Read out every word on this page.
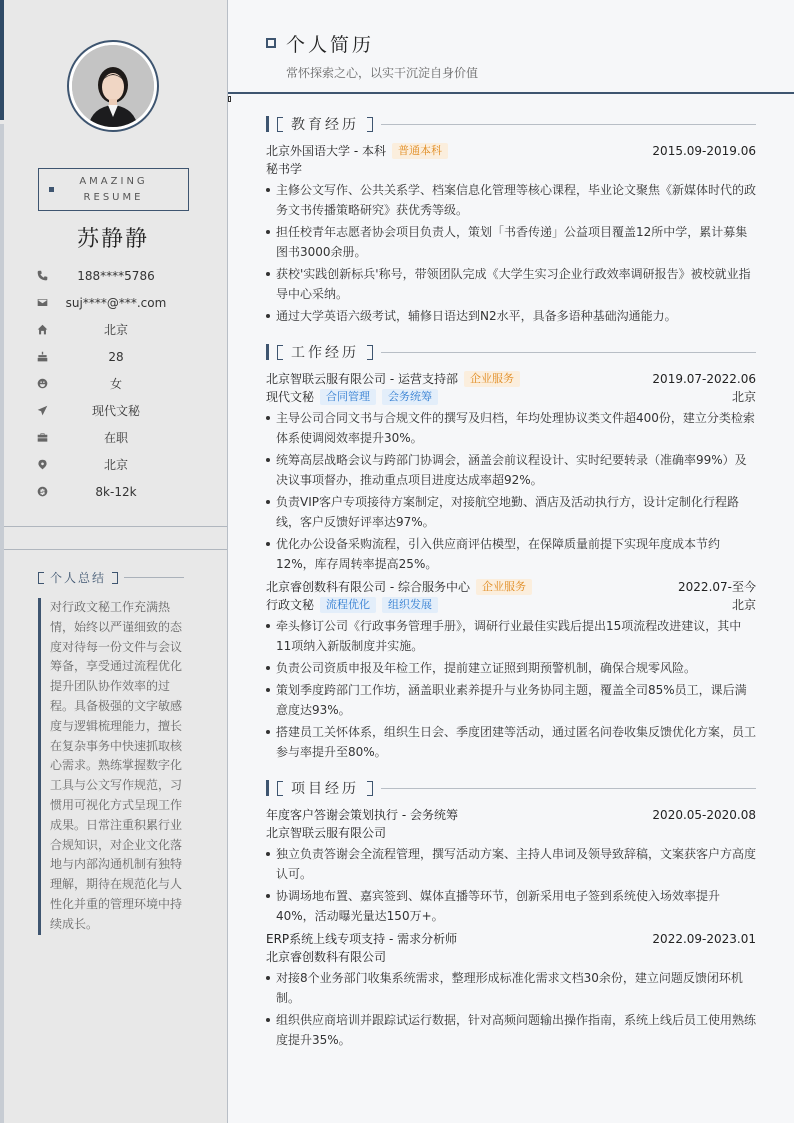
AMAZING
RESUME
苏静静
188****5786
suj****@***.com
北京
28
女
现代文秘
在职
北京
8k-12k
个人总结
对行政文秘工作充满热情，始终以严谨细致的态度对待每一份文件与会议筹备，享受通过流程优化提升团队协作效率的过程。具备极强的文字敏感度与逻辑梳理能力，擅长在复杂事务中快速抓取核心需求。熟练掌握数字化工具与公文写作规范，习惯用可视化方式呈现工作成果。日常注重积累行业合规知识，对企业文化落地与内部沟通机制有独特理解，期待在规范化与人性化并重的管理环境中持续成长。
个人简历
常怀探索之心，以实干沉淀自身价值
教育经历
北京外国语大学 - 本科	普通本科	2015.09-2019.06
秘书学
主修公文写作、公共关系学、档案信息化管理等核心课程，毕业论文聚焦《新媒体时代的政务文书传播策略研究》获优秀等级。
担任校青年志愿者协会项目负责人，策划「书香传递」公益项目覆盖12所中学，累计募集图书3000余册。
获校'实践创新标兵'称号，带领团队完成《大学生实习企业行政效率调研报告》被校就业指导中心采纳。
通过大学英语六级考试，辅修日语达到N2水平，具备多语种基础沟通能力。
工作经历
北京智联云服有限公司 - 运营支持部	企业服务	2019.07-2022.06
现代文秘	合同管理	会务统筹	北京
主导公司合同文书与合规文件的撰写及归档，年均处理协议类文件超400份，建立分类检索体系使调阅效率提升30%。
统筹高层战略会议与跨部门协调会，涵盖会前议程设计、实时纪要转录（准确率99%）及决议事项督办，推动重点项目进度达成率超92%。
负责VIP客户专项接待方案制定，对接航空地勤、酒店及活动执行方，设计定制化行程路线，客户反馈好评率达97%。
优化办公设备采购流程，引入供应商评估模型，在保障质量前提下实现年度成本节约12%，库存周转率提高25%。
北京睿创数科有限公司 - 综合服务中心	企业服务	2022.07-至今
行政文秘	流程优化	组织发展	北京
牵头修订公司《行政事务管理手册》，调研行业最佳实践后提出15项流程改进建议，其中11项纳入新版制度并实施。
负责公司资质申报及年检工作，提前建立证照到期预警机制，确保合规零风险。
策划季度跨部门工作坊，涵盖职业素养提升与业务协同主题，覆盖全司85%员工，课后满意度达93%。
搭建员工关怀体系，组织生日会、季度团建等活动，通过匿名问卷收集反馈优化方案，员工参与率提升至80%。
项目经历
年度客户答谢会策划执行 - 会务统筹	2020.05-2020.08
北京智联云服有限公司
独立负责答谢会全流程管理，撰写活动方案、主持人串词及领导致辞稿，文案获客户方高度认可。
协调场地布置、嘉宾签到、媒体直播等环节，创新采用电子签到系统使入场效率提升40%，活动曝光量达150万+。
ERP系统上线专项支持 - 需求分析师	2022.09-2023.01
北京睿创数科有限公司
对接8个业务部门收集系统需求，整理形成标准化需求文档30余份，建立问题反馈闭环机制。
组织供应商培训并跟踪试运行数据，针对高频问题输出操作指南，系统上线后员工使用熟练度提升35%。
